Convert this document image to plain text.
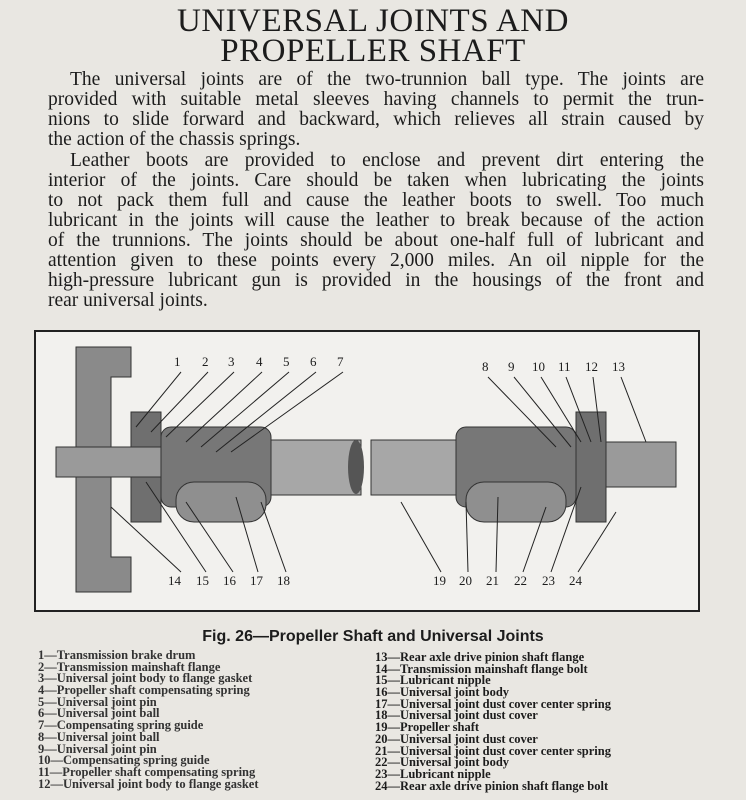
UNIVERSAL JOINTS AND
PROPELLER SHAFT
The universal joints are of the two-trunnion ball type. The joints are
provided with suitable metal sleeves having channels to permit the trun-
nions to slide forward and backward, which relieves all strain caused by
the action of the chassis springs.
Leather boots are provided to enclose and prevent dirt entering the
interior of the joints. Care should be taken when lubricating the joints
to not pack them full and cause the leather boots to swell. Too much
lubricant in the joints will cause the leather to break because of the action
of the trunnions. The joints should be about one-half full of lubricant and
attention given to these points every 2,000 miles. An oil nipple for the
high-pressure lubricant gun is provided in the housings of the front and
rear universal joints.
1 2 3 4 5 6 7	8 9 10 11 12 13
14 15 16 17 18	19 20 21 22 23 24
Fig. 26—Propeller Shaft and Universal Joints
1—Transmission brake drum
2—Transmission mainshaft flange
3—Universal joint body to flange gasket
4—Propeller shaft compensating spring
5—Universal joint pin
6—Universal joint ball
7—Compensating spring guide
8—Universal joint ball
9—Universal joint pin
10—Compensating spring guide
11—Propeller shaft compensating spring
12—Universal joint body to flange gasket
13—Rear axle drive pinion shaft flange
14—Transmission mainshaft flange bolt
15—Lubricant nipple
16—Universal joint body
17—Universal joint dust cover center spring
18—Universal joint dust cover
19—Propeller shaft
20—Universal joint dust cover
21—Universal joint dust cover center spring
22—Universal joint body
23—Lubricant nipple
24—Rear axle drive pinion shaft flange bolt
